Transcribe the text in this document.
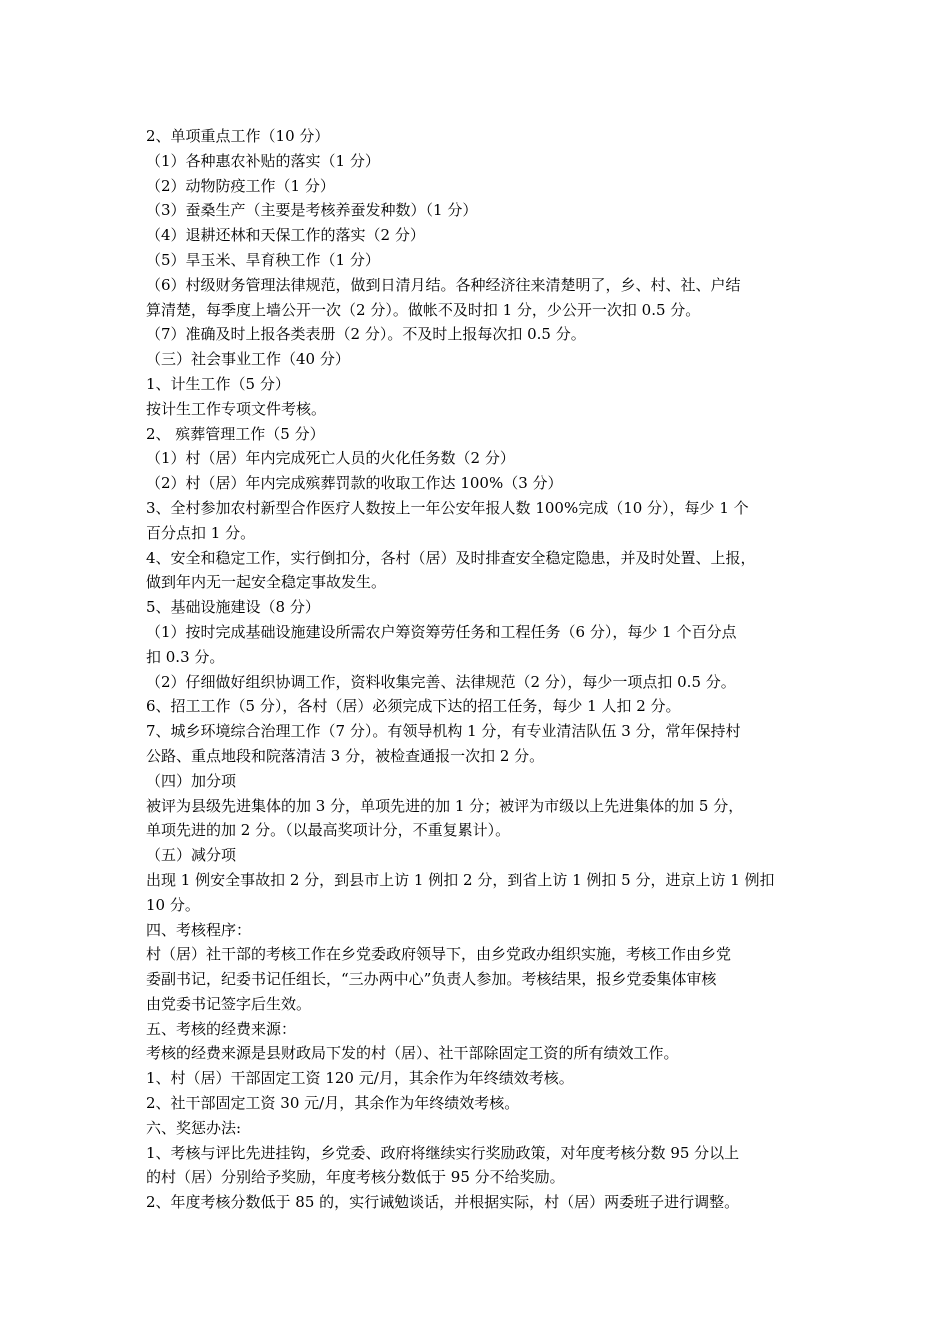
2、单项重点工作（10 分）
（1）各种惠农补贴的落实（1 分）
（2）动物防疫工作（1 分）
（3）蚕桑生产（主要是考核养蚕发种数）（1 分）
（4）退耕还林和天保工作的落实（2 分）
（5）旱玉米、旱育秧工作（1 分）
（6）村级财务管理法律规范，做到日清月结。各种经济往来清楚明了，乡、村、社、户结
算清楚，每季度上墙公开一次（2 分）。做帐不及时扣 1 分，少公开一次扣 0.5 分。
（7）准确及时上报各类表册（2 分）。不及时上报每次扣 0.5 分。
（三）社会事业工作（40 分）
1、计生工作（5 分）
按计生工作专项文件考核。
2、 殡葬管理工作（5 分）
（1）村（居）年内完成死亡人员的火化任务数（2 分）
（2）村（居）年内完成殡葬罚款的收取工作达 100%（3 分）
3、全村参加农村新型合作医疗人数按上一年公安年报人数 100%完成（10 分），每少 1 个
百分点扣 1 分。
4、安全和稳定工作，实行倒扣分，各村（居）及时排查安全稳定隐患，并及时处置、上报，
做到年内无一起安全稳定事故发生。
5、基础设施建设（8 分）
（1）按时完成基础设施建设所需农户筹资筹劳任务和工程任务（6 分），每少 1 个百分点
扣 0.3 分。
（2）仔细做好组织协调工作，资料收集完善、法律规范（2 分），每少一项点扣 0.5 分。
6、招工工作（5 分），各村（居）必须完成下达的招工任务，每少 1 人扣 2 分。
7、城乡环境综合治理工作（7 分）。有领导机构 1 分，有专业清洁队伍 3 分，常年保持村
公路、重点地段和院落清洁 3 分，被检查通报一次扣 2 分。
（四）加分项
被评为县级先进集体的加 3 分，单项先进的加 1 分；被评为市级以上先进集体的加 5 分，
单项先进的加 2 分。（以最高奖项计分，不重复累计）。
（五）减分项
出现 1 例安全事故扣 2 分，到县市上访 1 例扣 2 分，到省上访 1 例扣 5 分，进京上访 1 例扣
10 分。
四、考核程序：
村（居）社干部的考核工作在乡党委政府领导下，由乡党政办组织实施，考核工作由乡党
委副书记，纪委书记任组长，“三办两中心”负责人参加。考核结果，报乡党委集体审核
由党委书记签字后生效。
五、考核的经费来源：
考核的经费来源是县财政局下发的村（居）、社干部除固定工资的所有绩效工作。
1、村（居）干部固定工资 120 元/月，其余作为年终绩效考核。
2、社干部固定工资 30 元/月，其余作为年终绩效考核。
六、奖惩办法:
1、考核与评比先进挂钩，乡党委、政府将继续实行奖励政策，对年度考核分数 95 分以上
的村（居）分别给予奖励，年度考核分数低于 95 分不给奖励。
2、年度考核分数低于 85 的，实行诫勉谈话，并根据实际，村（居）两委班子进行调整。
